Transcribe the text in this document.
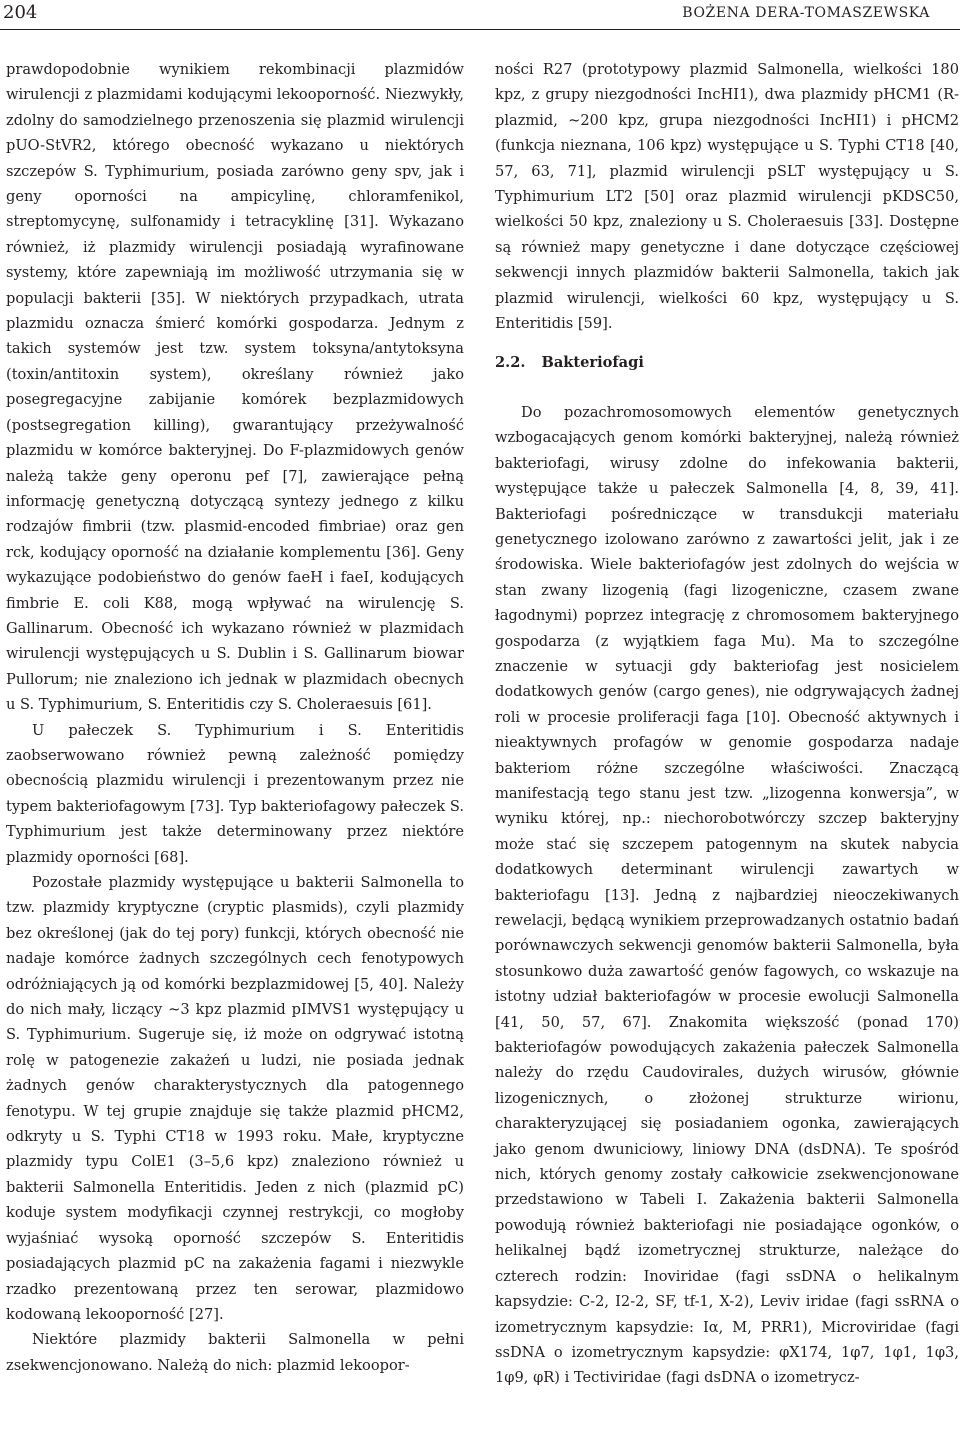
204	BOŻENA DERA-TOMASZEWSKA

prawdopodobnie wynikiem rekombinacji plazmidów wirulencji z plazmidami kodującymi lekooporność. Niezwykły, zdolny do samodzielnego przenoszenia się plazmid wirulencji pUO-StVR2, którego obecność wykazano u niektórych szczepów S. Typhimurium, posiada zarówno geny spv, jak i geny oporności na ampicylinę, chloramfenikol, streptomycynę, sulfonamidy i tetracyklinę [31]. Wykazano również, iż plazmidy wirulencji posiadają wyrafinowane systemy, które zapewniają im możliwość utrzymania się w populacji bakterii [35]. W niektórych przypadkach, utrata plazmidu oznacza śmierć komórki gospodarza. Jednym z takich systemów jest tzw. system toksyna/antytoksyna (toxin/antitoxin system), określany również jako posegregacyjne zabijanie komórek bezplazmidowych (postsegregation killing), gwarantujący przeżywalność plazmidu w komórce bakteryjnej. Do F-plazmidowych genów należą także geny operonu pef [7], zawierające pełną informację genetyczną dotyczącą syntezy jednego z kilku rodzajów fimbrii (tzw. plasmid-encoded fimbriae) oraz gen rck, kodujący oporność na działanie komplementu [36]. Geny wykazujące podobieństwo do genów faeH i faeI, kodujących fimbrie E. coli K88, mogą wpływać na wirulencję S. Gallinarum. Obecność ich wykazano również w plazmidach wirulencji występujących u S. Dublin i S. Gallinarum biowar Pullorum; nie znaleziono ich jednak w plazmidach obecnych u S. Typhimurium, S. Enteritidis czy S. Choleraesuis [61].

U pałeczek S. Typhimurium i S. Enteritidis zaobserwowano również pewną zależność pomiędzy obecnością plazmidu wirulencji i prezentowanym przez nie typem bakteriofagowym [73]. Typ bakteriofagowy pałeczek S. Typhimurium jest także determinowany przez niektóre plazmidy oporności [68].

Pozostałe plazmidy występujące u bakterii Salmonella to tzw. plazmidy kryptyczne (cryptic plasmids), czyli plazmidy bez określonej (jak do tej pory) funkcji, których obecność nie nadaje komórce żadnych szczególnych cech fenotypowych odróżniających ją od komórki bezplazmidowej [5, 40]. Należy do nich mały, liczący ~3 kpz plazmid pIMVS1 występujący u S. Typhimurium. Sugeruje się, iż może on odgrywać istotną rolę w patogenezie zakażeń u ludzi, nie posiada jednak żadnych genów charakterystycznych dla patogennego fenotypu. W tej grupie znajduje się także plazmid pHCM2, odkryty u S. Typhi CT18 w 1993 roku. Małe, kryptyczne plazmidy typu ColE1 (3–5,6 kpz) znaleziono również u bakterii Salmonella Enteritidis. Jeden z nich (plazmid pC) koduje system modyfikacji czynnej restrykcji, co mogłoby wyjaśniać wysoką oporność szczepów S. Enteritidis posiadających plazmid pC na zakażenia fagami i niezwykle rzadko prezentowaną przez ten serowar, plazmidowo kodowaną lekooporność [27].

Niektóre plazmidy bakterii Salmonella w pełni zsekwencjonowano. Należą do nich: plazmid lekoopor-

ności R27 (prototypowy plazmid Salmonella, wielkości 180 kpz, z grupy niezgodności IncHI1), dwa plazmidy pHCM1 (R-plazmid, ~200 kpz, grupa niezgodności IncHI1) i pHCM2 (funkcja nieznana, 106 kpz) występujące u S. Typhi CT18 [40, 57, 63, 71], plazmid wirulencji pSLT występujący u S. Typhimurium LT2 [50] oraz plazmid wirulencji pKDSC50, wielkości 50 kpz, znaleziony u S. Choleraesuis [33]. Dostępne są również mapy genetyczne i dane dotyczące częściowej sekwencji innych plazmidów bakterii Salmonella, takich jak plazmid wirulencji, wielkości 60 kpz, występujący u S. Enteritidis [59].

2.2. Bakteriofagi

Do pozachromosomowych elementów genetycznych wzbogacających genom komórki bakteryjnej, należą również bakteriofagi, wirusy zdolne do infekowania bakterii, występujące także u pałeczek Salmonella [4, 8, 39, 41]. Bakteriofagi pośredniczące w transdukcji materiału genetycznego izolowano zarówno z zawartości jelit, jak i ze środowiska. Wiele bakteriofagów jest zdolnych do wejścia w stan zwany lizogenią (fagi lizogeniczne, czasem zwane łagodnymi) poprzez integrację z chromosomem bakteryjnego gospodarza (z wyjątkiem faga Mu). Ma to szczególne znaczenie w sytuacji gdy bakteriofag jest nosicielem dodatkowych genów (cargo genes), nie odgrywających żadnej roli w procesie proliferacji faga [10]. Obecność aktywnych i nieaktywnych profagów w genomie gospodarza nadaje bakteriom różne szczególne właściwości. Znaczącą manifestacją tego stanu jest tzw. „lizogenna konwersja”, w wyniku której, np.: niechorobotwórczy szczep bakteryjny może stać się szczepem patogennym na skutek nabycia dodatkowych determinant wirulencji zawartych w bakteriofagu [13]. Jedną z najbardziej nieoczekiwanych rewelacji, będącą wynikiem przeprowadzanych ostatnio badań porównawczych sekwencji genomów bakterii Salmonella, była stosunkowo duża zawartość genów fagowych, co wskazuje na istotny udział bakteriofagów w procesie ewolucji Salmonella [41, 50, 57, 67]. Znakomita większość (ponad 170) bakteriofagów powodujących zakażenia pałeczek Salmonella należy do rzędu Caudovirales, dużych wirusów, głównie lizogenicznych, o złożonej strukturze wirionu, charakteryzującej się posiadaniem ogonka, zawierających jako genom dwuniciowy, liniowy DNA (dsDNA). Te spośród nich, których genomy zostały całkowicie zsekwencjonowane przedstawiono w Tabeli I. Zakażenia bakterii Salmonella powodują również bakteriofagi nie posiadające ogonków, o helikalnej bądź izometrycznej strukturze, należące do czterech rodzin: Inoviridae (fagi ssDNA o helikalnym kapsydzie: C-2, I2-2, SF, tf-1, X-2), Leviv iridae (fagi ssRNA o izometrycznym kapsydzie: Iα, M, PRR1), Microviridae (fagi ssDNA o izometrycznym kapsydzie: φX174, 1φ7, 1φ1, 1φ3, 1φ9, φR) i Tectiviridae (fagi dsDNA o izometrycz-
